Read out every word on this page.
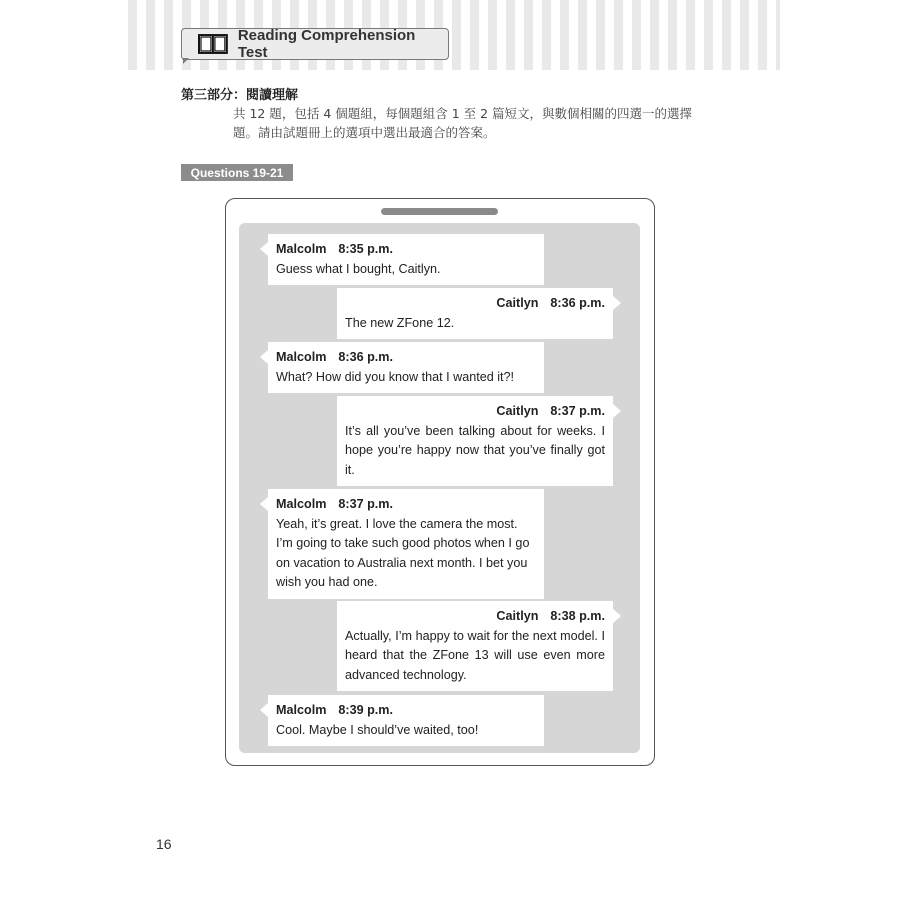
Reading Comprehension Test
第三部分：閱讀理解
共 12 題，包括 4 個題組，每個題組含 1 至 2 篇短文，與數個相關的四選一的選擇題。請由試題冊上的選項中選出最適合的答案。
Questions 19-21
Malcolm 8:35 p.m.
Guess what I bought, Caitlyn.
Caitlyn 8:36 p.m.
The new ZFone 12.
Malcolm 8:36 p.m.
What? How did you know that I wanted it?!
Caitlyn 8:37 p.m.
It’s all you’ve been talking about for weeks. I hope you’re happy now that you’ve finally got it.
Malcolm 8:37 p.m.
Yeah, it’s great. I love the camera the most. I’m going to take such good photos when I go on vacation to Australia next month. I bet you wish you had one.
Caitlyn 8:38 p.m.
Actually, I’m happy to wait for the next model. I heard that the ZFone 13 will use even more advanced technology.
Malcolm 8:39 p.m.
Cool. Maybe I should’ve waited, too!
16
